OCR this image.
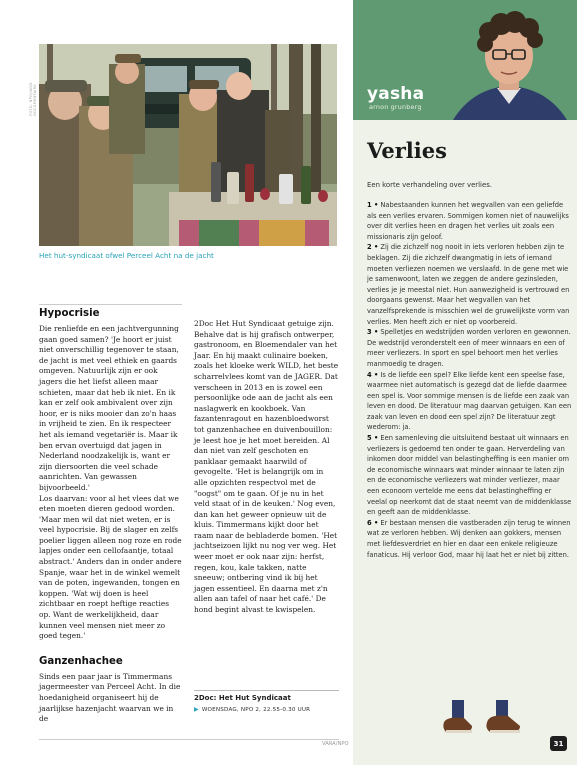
FOTO: NPO/IKON DOCUMENTAIRE
Het hut-syndicaat ofwel Perceel Acht na de jacht
Hypocrisie

Die renliefde en een jachtvergunning gaan goed samen? 'Je hoort er juist niet onverschillig tegenover te staan, de jacht is met veel ethiek en gaards omgeven. Natuurlijk zijn er ook jagers die het liefst alleen maar schieten, maar dat heb ik niet. En ik kan er zelf ook ambivalent over zijn hoor, er is niks mooier dan zo'n haas in vrijheid te zien. En ik respecteer het als iemand vegetariër is. Maar ik ben ervan overtuigd dat jagen in Nederland noodzakelijk is, want er zijn diersoorten die veel schade aanrichten. Van gewassen bijvoorbeeld.'

Los daarvan: voor al het vlees dat we eten moeten dieren gedood worden. 'Maar men wil dat niet weten, er is veel hypocrisie. Bij de slager en zelfs poelier liggen alleen nog roze en rode lapjes onder een cellofaantje, totaal abstract.' Anders dan in onder andere Spanje, waar het in de winkel wemelt van de poten, ingewanden, tongen en koppen. 'Wat wij doen is heel zichtbaar en roept heftige reacties op. Want de werkelijkheid, daar kunnen veel mensen niet meer zo goed tegen.'

Ganzenhachee

Sinds een paar jaar is Timmermans jagermeester van Perceel Acht. In die hoedanigheid organiseert hij de jaarlijkse hazenjacht waarvan we in de

2Doc Het Hut Syndicaat getuige zijn. Behalve dat is hij grafisch ontwerper, gastronoom, en Bloemendaler van het Jaar. En hij maakt culinaire boeken, zoals het kloeke werk WILD, het beste scharrelvlees komt van de JAGER. Dat verscheen in 2013 en is zowel een persoonlijke ode aan de jacht als een naslagwerk en kookboek. Van fazantenragout en hazenbloedworst tot ganzenhachee en duivenbouillon: je leest hoe je het moet bereiden. Al dan niet van zelf geschoten en panklaar gemaakt haarwild of gevogelte. 'Het is belangrijk om in alle opzichten respectvol met de "oogst" om te gaan. Of je nu in het veld staat of in de keuken.' Nog even, dan kan het geweer opnieuw uit de kluis. Timmermans kijkt door het raam naar de bebladerde bomen. 'Het jachtseizoen lijkt nu nog ver weg. Het weer moet er ook naar zijn: herfst, regen, kou, kale takken, natte sneeuw; ontbering vind ik bij het jagen essentieel. En daarna met z'n allen aan tafel of naar het café.' De hond begint alvast te kwispelen.

2Doc: Het Hut Syndicaat
▶ WOENSDAG, NPO 2, 22.55-0.30 UUR
VARA/NPO
yasha
arnon grunberg
Verlies
Een korte verhandeling over verlies.

1 • Nabestaanden kunnen het wegvallen van een geliefde als een verlies ervaren. Sommigen komen niet of nauwelijks over dit verlies heen en dragen het verlies uit zoals een missionaris zijn geloof.

2 • Zij die zichzelf nog nooit in iets verloren hebben zijn te beklagen. Zij die zichzelf dwangmatig in iets of iemand moeten verliezen noemen we verslaafd. In de gene met wie je samenwoont, laten we zeggen de andere gezinsleden, verlies je je meestal niet. Hun aanwezigheid is vertrouwd en doorgaans gewenst. Maar het wegvallen van het vanzelfsprekende is misschien wel de gruwelijkste vorm van verlies. Men heeft zich er niet op voorbereid.

3 • Spelletjes en wedstrijden worden verloren en gewonnen. De wedstrijd veronderstelt een of meer winnaars en een of meer verliezers. In sport en spel behoort men het verlies manmoedig te dragen.

4 • Is de liefde een spel? Elke liefde kent een speelse fase, waarmee niet automatisch is gezegd dat de liefde daarmee een spel is. Voor sommige mensen is de liefde een zaak van leven en dood. De literatuur mag daarvan getuigen. Kan een zaak van leven en dood een spel zijn? De literatuur zegt wederom: ja.

5 • Een samenleving die uitsluitend bestaat uit winnaars en verliezers is gedoemd ten onder te gaan. Herverdeling van inkomen door middel van belastingheffing is een manier om de economische winnaars wat minder winnaar te laten zijn en de economische verliezers wat minder verliezer, maar een econoom vertelde me eens dat belastingheffing er veelal op neerkomt dat de staat neemt van de middenklasse en geeft aan de middenklasse.

6 • Er bestaan mensen die vastberaden zijn terug te winnen wat ze verloren hebben. Wij denken aan gokkers, mensen met liefdesverdriet en hier en daar een enkele religieuze fanaticus. Hij verloor God, maar hij laat het er niet bij zitten.

31
